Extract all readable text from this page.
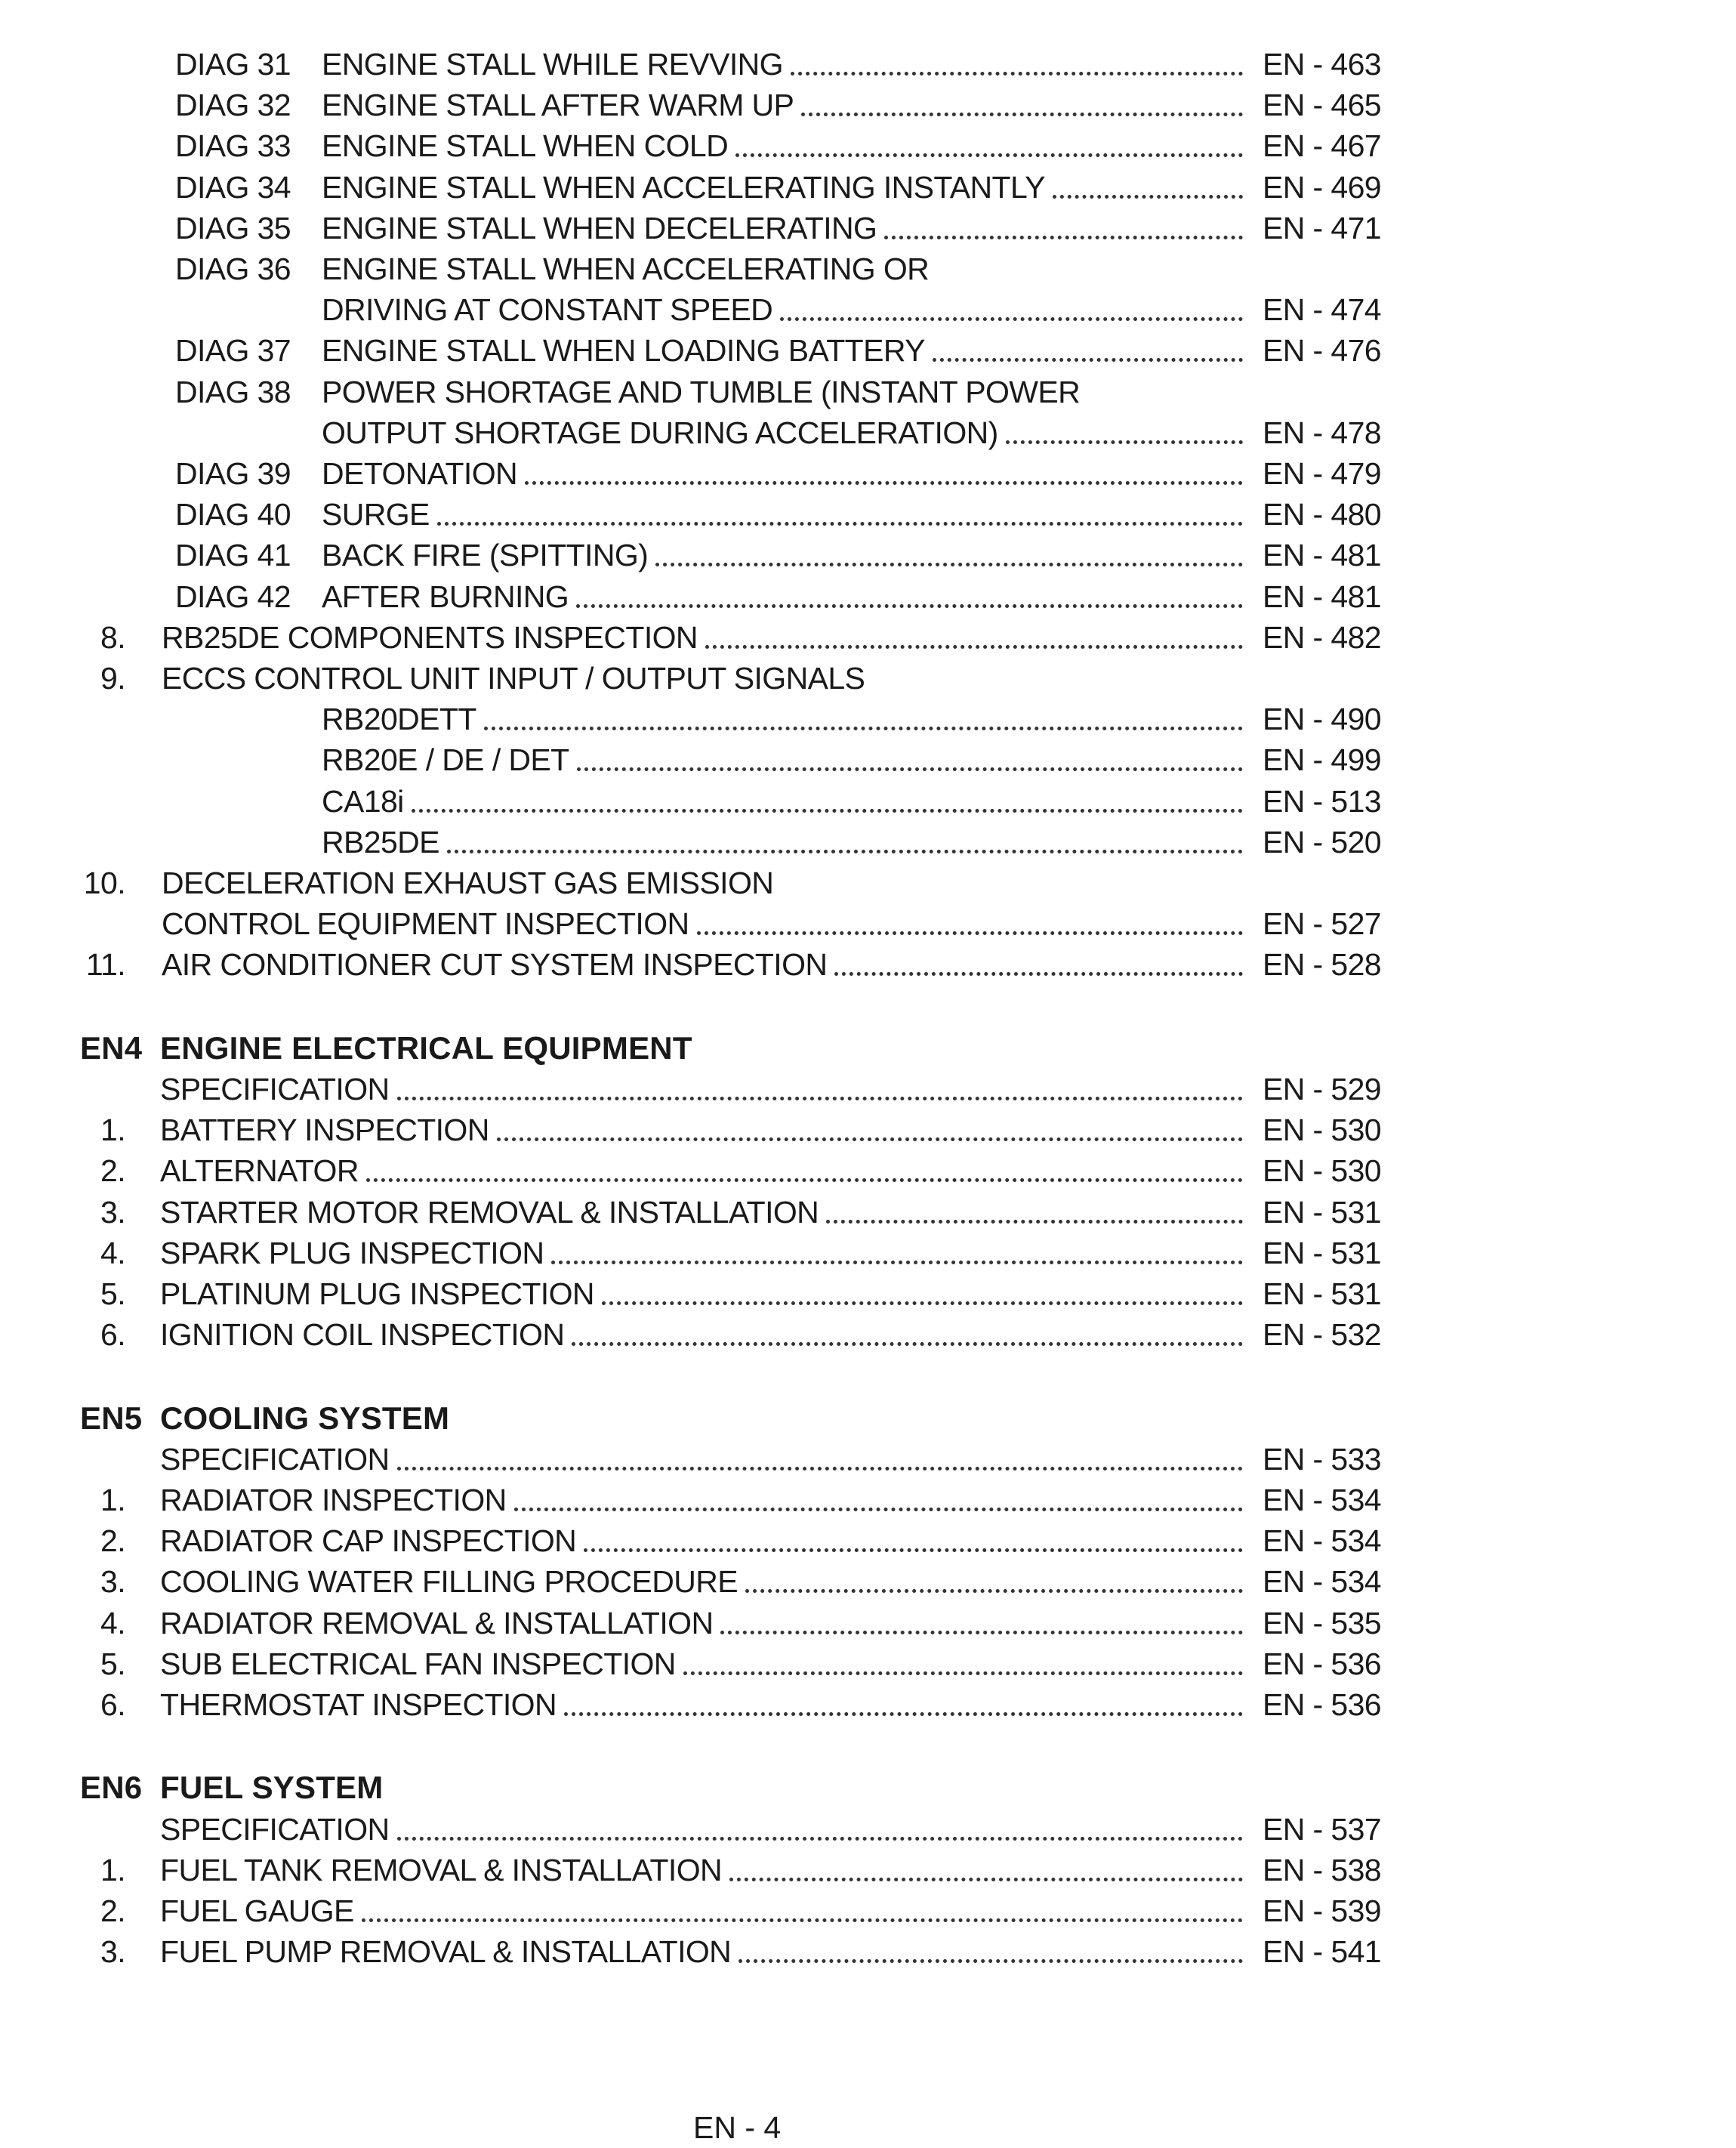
DIAG 31 ENGINE STALL WHILE REVVING	EN - 463
DIAG 32 ENGINE STALL AFTER WARM UP	EN - 465
DIAG 33 ENGINE STALL WHEN COLD	EN - 467
DIAG 34 ENGINE STALL WHEN ACCELERATING INSTANTLY	EN - 469
DIAG 35 ENGINE STALL WHEN DECELERATING	EN - 471
DIAG 36 ENGINE STALL WHEN ACCELERATING OR
DRIVING AT CONSTANT SPEED	EN - 474
DIAG 37 ENGINE STALL WHEN LOADING BATTERY	EN - 476
DIAG 38 POWER SHORTAGE AND TUMBLE (INSTANT POWER
OUTPUT SHORTAGE DURING ACCELERATION)	EN - 478
DIAG 39 DETONATION	EN - 479
DIAG 40 SURGE	EN - 480
DIAG 41 BACK FIRE (SPITTING)	EN - 481
DIAG 42 AFTER BURNING	EN - 481
8. RB25DE COMPONENTS INSPECTION	EN - 482
9. ECCS CONTROL UNIT INPUT / OUTPUT SIGNALS
RB20DETT	EN - 490
RB20E / DE / DET	EN - 499
CA18i	EN - 513
RB25DE	EN - 520
10. DECELERATION EXHAUST GAS EMISSION
CONTROL EQUIPMENT INSPECTION	EN - 527
11. AIR CONDITIONER CUT SYSTEM INSPECTION	EN - 528
EN4 ENGINE ELECTRICAL EQUIPMENT
SPECIFICATION	EN - 529
1. BATTERY INSPECTION	EN - 530
2. ALTERNATOR	EN - 530
3. STARTER MOTOR REMOVAL & INSTALLATION	EN - 531
4. SPARK PLUG INSPECTION	EN - 531
5. PLATINUM PLUG INSPECTION	EN - 531
6. IGNITION COIL INSPECTION	EN - 532
EN5 COOLING SYSTEM
SPECIFICATION	EN - 533
1. RADIATOR INSPECTION	EN - 534
2. RADIATOR CAP INSPECTION	EN - 534
3. COOLING WATER FILLING PROCEDURE	EN - 534
4. RADIATOR REMOVAL & INSTALLATION	EN - 535
5. SUB ELECTRICAL FAN INSPECTION	EN - 536
6. THERMOSTAT INSPECTION	EN - 536
EN6 FUEL SYSTEM
SPECIFICATION	EN - 537
1. FUEL TANK REMOVAL & INSTALLATION	EN - 538
2. FUEL GAUGE	EN - 539
3. FUEL PUMP REMOVAL & INSTALLATION	EN - 541
EN - 4
